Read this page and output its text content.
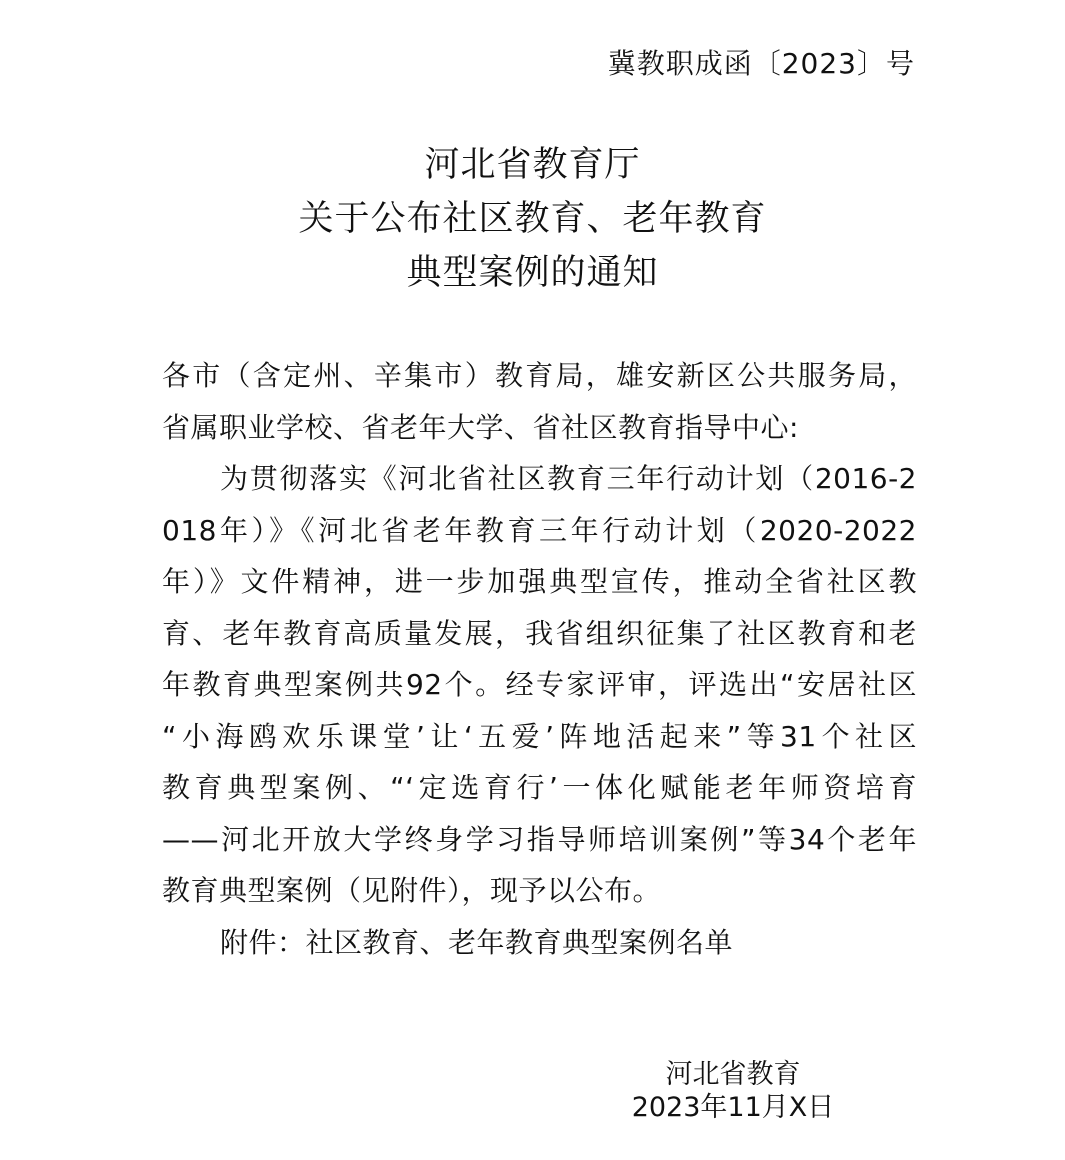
冀教职成函〔2023〕号
河北省教育厅
关于公布社区教育、老年教育
典型案例的通知
各市（含定州、辛集市）教育局，雄安新区公共服务局，
省属职业学校、省老年大学、省社区教育指导中心:
为贯彻落实《河北省社区教育三年行动计划（2016-2
018年）》《河北省老年教育三年行动计划（2020-2022
年）》文件精神，进一步加强典型宣传，推动全省社区教
育、老年教育高质量发展，我省组织征集了社区教育和老
年教育典型案例共92个。经专家评审，评选出“安居社区
“小海鸥欢乐课堂’让‘五爱’阵地活起来”等31个社区
教育典型案例、“‘定选育行’一体化赋能老年师资培育
——河北开放大学终身学习指导师培训案例”等34个老年
教育典型案例（见附件），现予以公布。
附件：社区教育、老年教育典型案例名单
河北省教育
2023年11月X日
